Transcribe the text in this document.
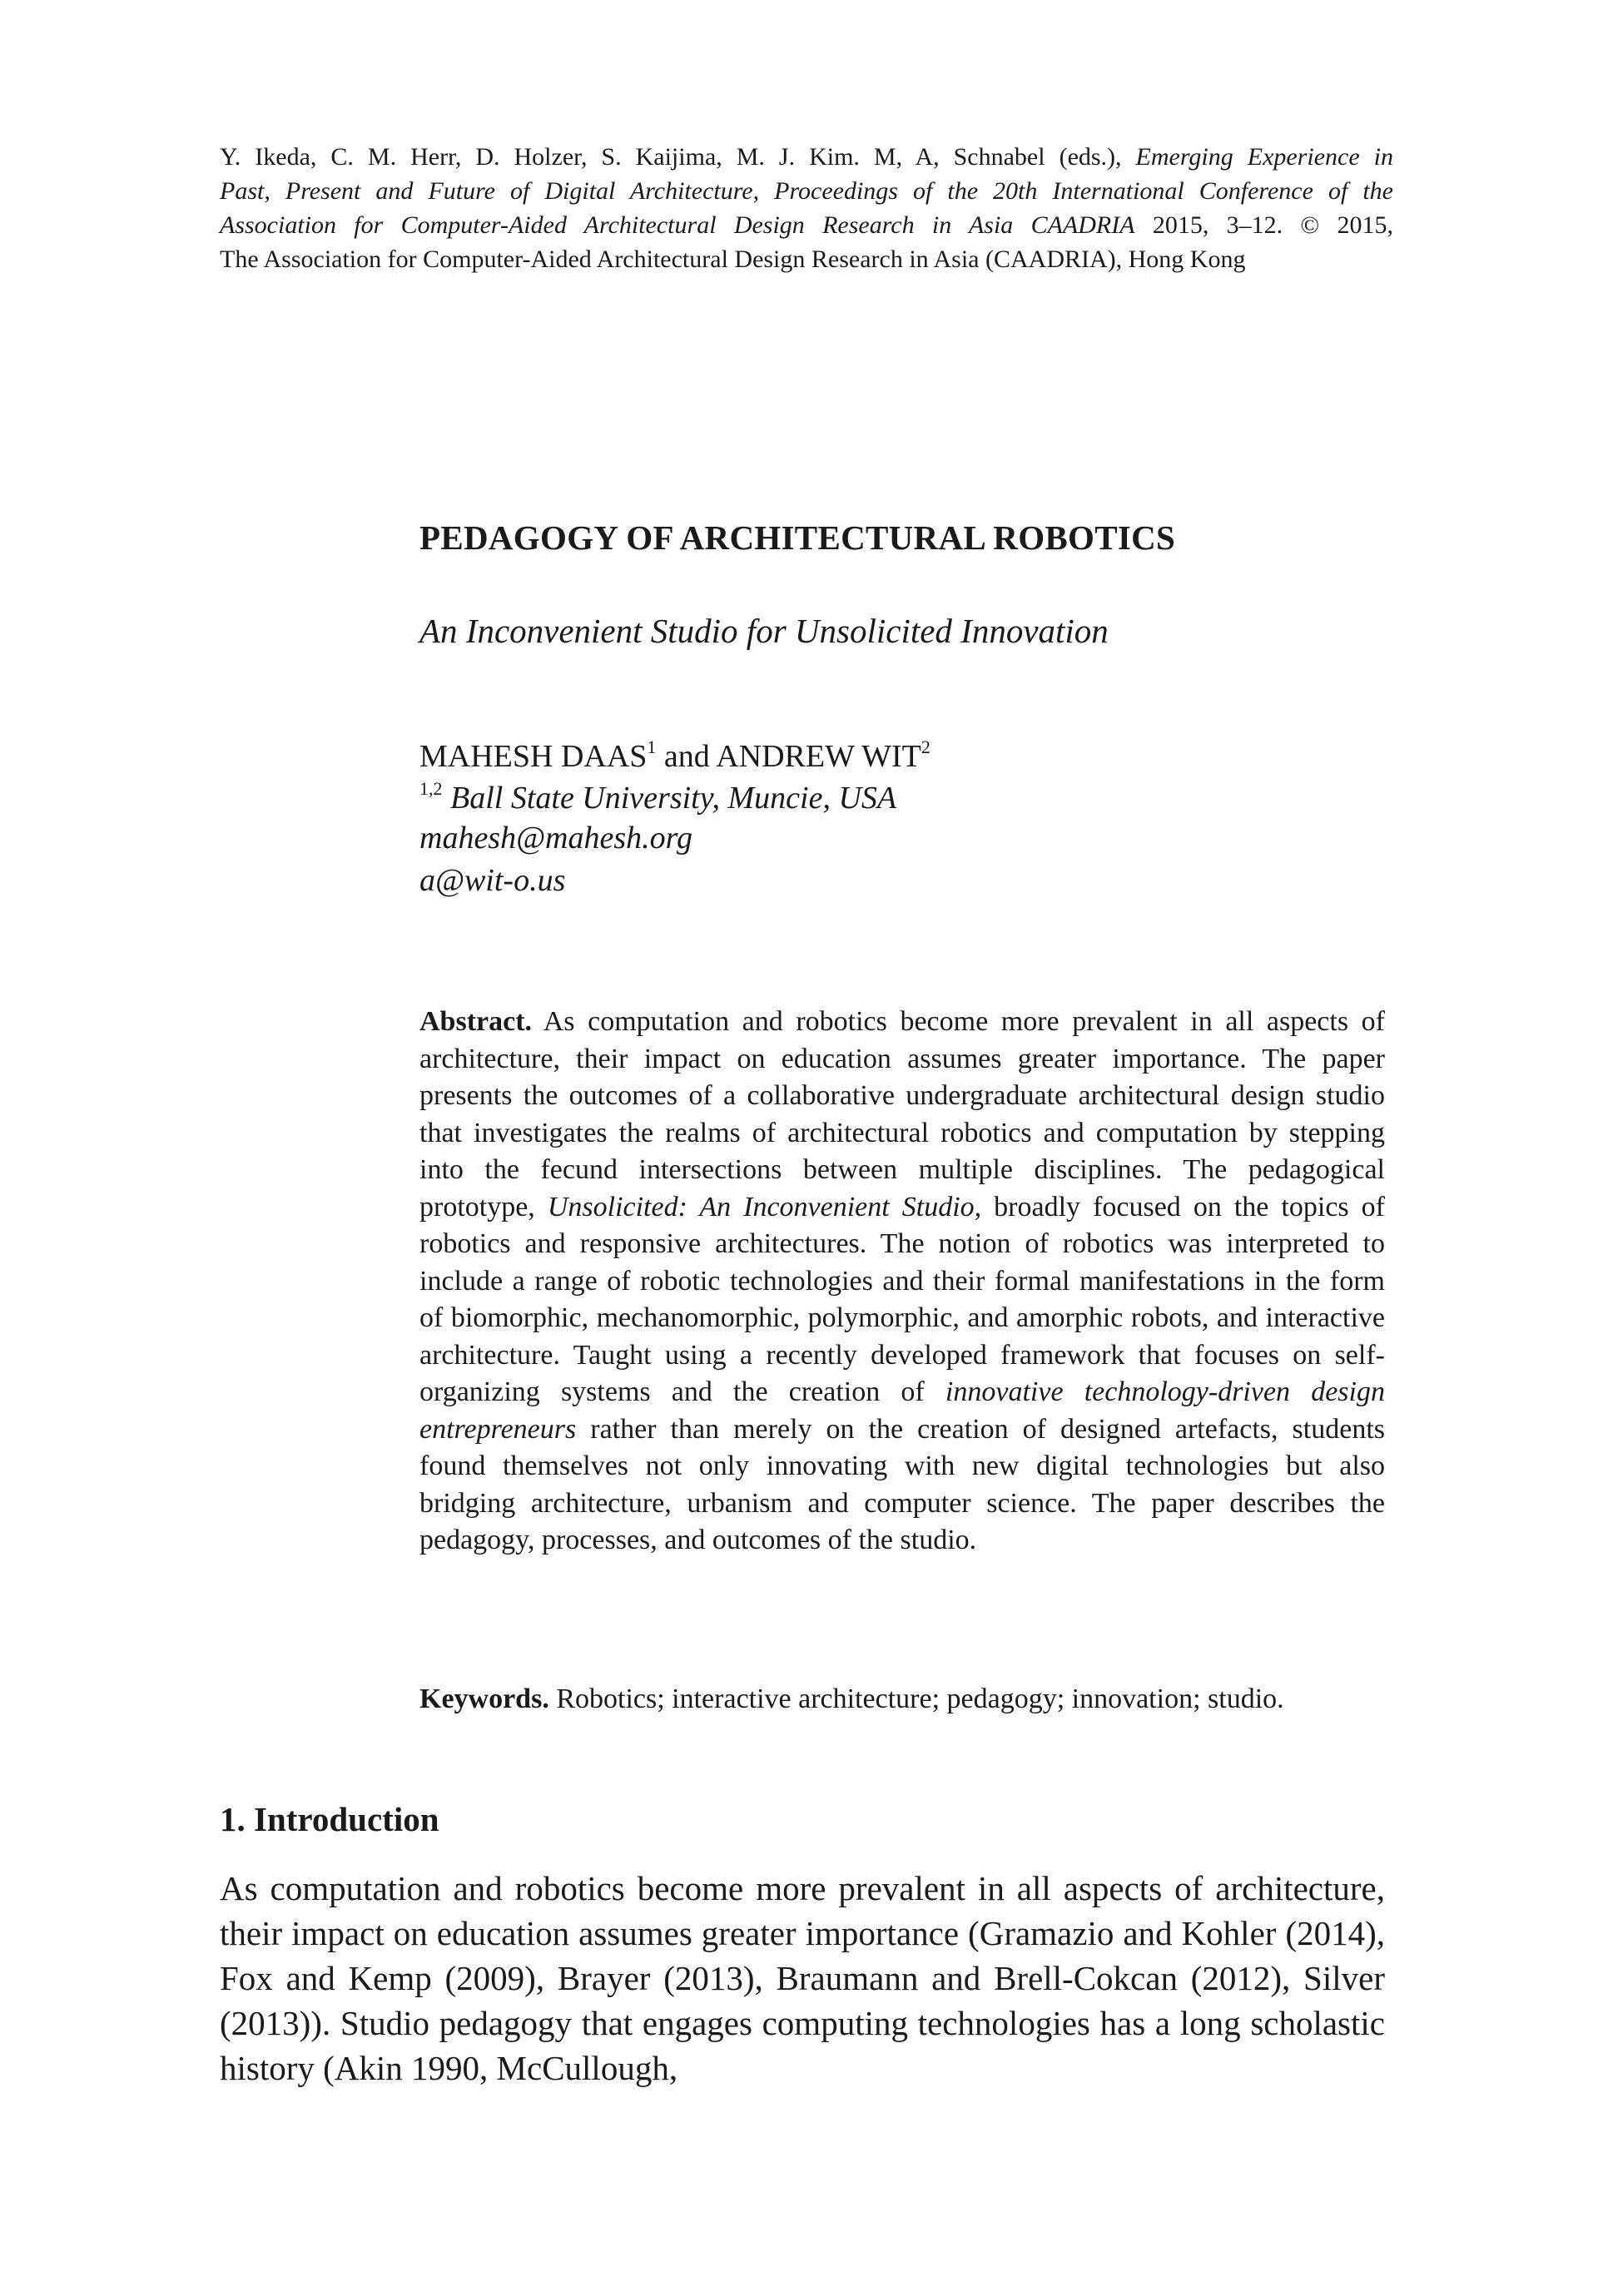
Y. Ikeda, C. M. Herr, D. Holzer, S. Kaijima, M. J. Kim. M, A, Schnabel (eds.), Emerging Experience in
Past, Present and Future of Digital Architecture, Proceedings of the 20th International Conference of the
Association for Computer-Aided Architectural Design Research in Asia CAADRIA 2015, 3–12. © 2015,
The Association for Computer-Aided Architectural Design Research in Asia (CAADRIA), Hong Kong
PEDAGOGY OF ARCHITECTURAL ROBOTICS
An Inconvenient Studio for Unsolicited Innovation
MAHESH DAAS$^1$ and ANDREW WIT$^2$
$^{1,2}$ Ball State University, Muncie, USA
mahesh@mahesh.org
a@wit-o.us
Abstract. As computation and robotics become more prevalent in all aspects of architecture, their impact on education assumes greater importance. The paper presents the outcomes of a collaborative undergraduate architectural design studio that investigates the realms of architectural robotics and computation by stepping into the fecund intersections between multiple disciplines. The pedagogical prototype, Unsolicited: An Inconvenient Studio, broadly focused on the topics of robotics and responsive architectures. The notion of robotics was interpreted to include a range of robotic technologies and their formal manifestations in the form of biomorphic, mechanomorphic, polymorphic, and amorphic robots, and interactive architecture. Taught using a recently developed framework that focuses on self-organizing systems and the creation of innovative technology-driven design entrepreneurs rather than merely on the creation of designed artefacts, students found themselves not only innovating with new digital technologies but also bridging architecture, urbanism and computer science. The paper describes the pedagogy, processes, and outcomes of the studio.
Keywords. Robotics; interactive architecture; pedagogy; innovation; studio.
1. Introduction
As computation and robotics become more prevalent in all aspects of architecture, their impact on education assumes greater importance (Gramazio and Kohler (2014), Fox and Kemp (2009), Brayer (2013), Braumann and Brell-Cokcan (2012), Silver (2013)). Studio pedagogy that engages computing technologies has a long scholastic history (Akin 1990, McCullough,
